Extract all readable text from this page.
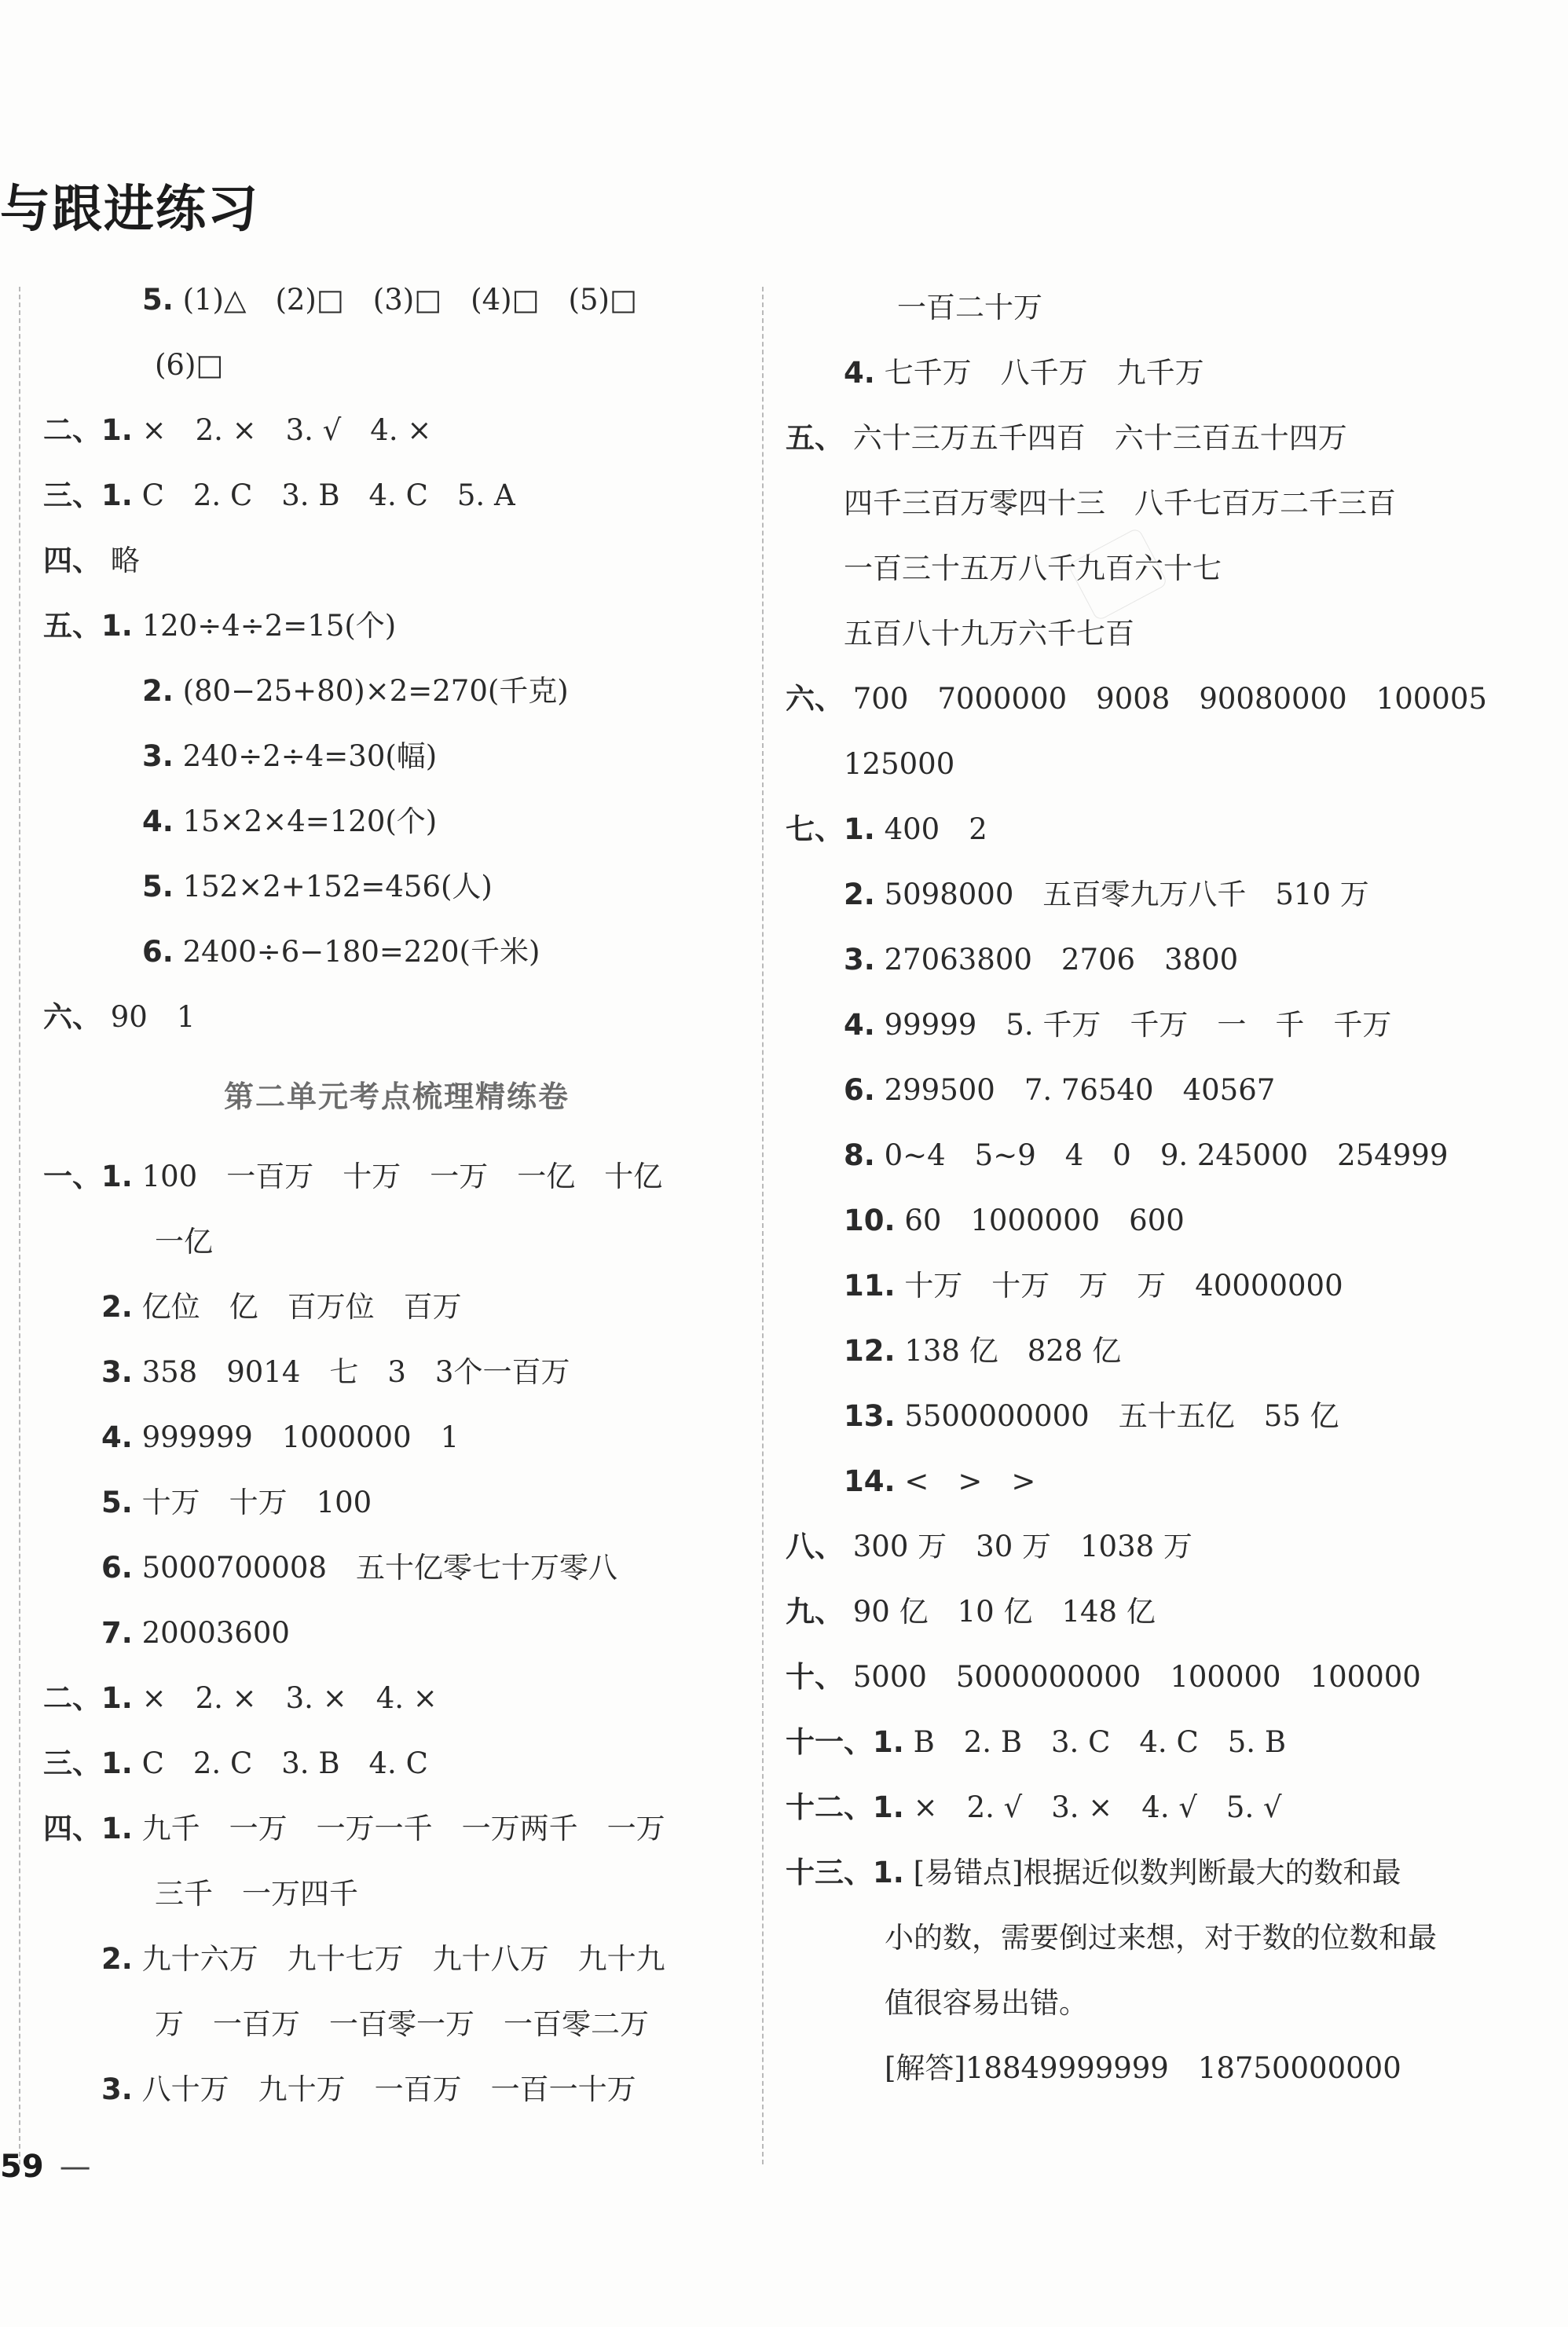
与跟进练习
5. (1)△　(2)□　(3)□　(4)□　(5)□
(6)□
二、1. ×　2. ×　3. √　4. ×
三、1. C　2. C　3. B　4. C　5. A
四、 略
五、1. 120÷4÷2=15(个)
2. (80−25+80)×2=270(千克)
3. 240÷2÷4=30(幅)
4. 15×2×4=120(个)
5. 152×2+152=456(人)
6. 2400÷6−180=220(千米)
六、 90　1
第二单元考点梳理精练卷
一、1. 100　一百万　十万　一万　一亿　十亿
一亿
2. 亿位　亿　百万位　百万
3. 358　9014　七　3　3个一百万
4. 999999　1000000　1
5. 十万　十万　100
6. 5000700008　五十亿零七十万零八
7. 20003600
二、1. ×　2. ×　3. ×　4. ×
三、1. C　2. C　3. B　4. C
四、1. 九千　一万　一万一千　一万两千　一万
三千　一万四千
2. 九十六万　九十七万　九十八万　九十九
万　一百万　一百零一万　一百零二万
3. 八十万　九十万　一百万　一百一十万
一百二十万
4. 七千万　八千万　九千万
五、 六十三万五千四百　六十三百五十四万
四千三百万零四十三　八千七百万二千三百
一百三十五万八千九百六十七
五百八十九万六千七百
六、 700　7000000　9008　90080000　100005
125000
七、1. 400　2
2. 5098000　五百零九万八千　510 万
3. 27063800　2706　3800
4. 99999　5. 千万　千万　一　千　千万
6. 299500　7. 76540　40567
8. 0∼4　5∼9　4　0　9. 245000　254999
10. 60　1000000　600
11. 十万　十万　万　万　40000000
12. 138 亿　828 亿
13. 5500000000　五十五亿　55 亿
14. <　>　>
八、 300 万　30 万　1038 万
九、 90 亿　10 亿　148 亿
十、 5000　5000000000　100000　100000
十一、1. B　2. B　3. C　4. C　5. B
十二、1. ×　2. √　3. ×　4. √　5. √
十三、1. [易错点]根据近似数判断最大的数和最
小的数，需要倒过来想，对于数的位数和最
值很容易出错。
[解答]18849999999　18750000000
59 —
